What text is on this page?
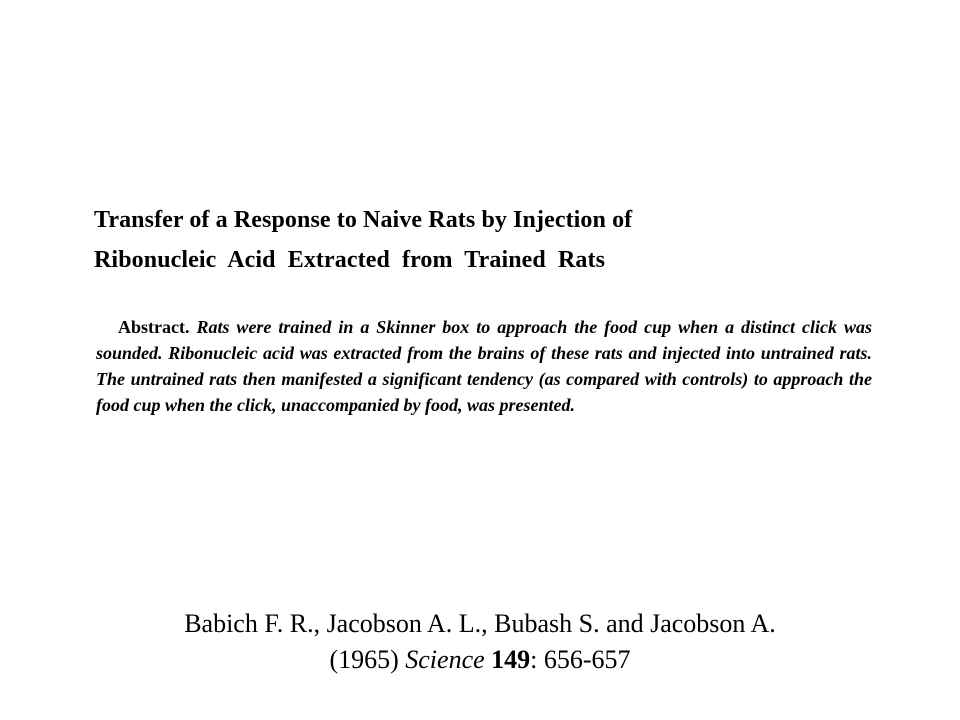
Transfer of a Response to Naive Rats by Injection of
Ribonucleic Acid Extracted from Trained Rats

Abstract. Rats were trained in a Skinner box to approach the food cup when a distinct click was sounded. Ribonucleic acid was extracted from the brains of these rats and injected into untrained rats. The untrained rats then manifested a significant tendency (as compared with controls) to approach the food cup when the click, unaccompanied by food, was presented.

Babich F. R., Jacobson A. L., Bubash S. and Jacobson A.
(1965) Science 149: 656-657
